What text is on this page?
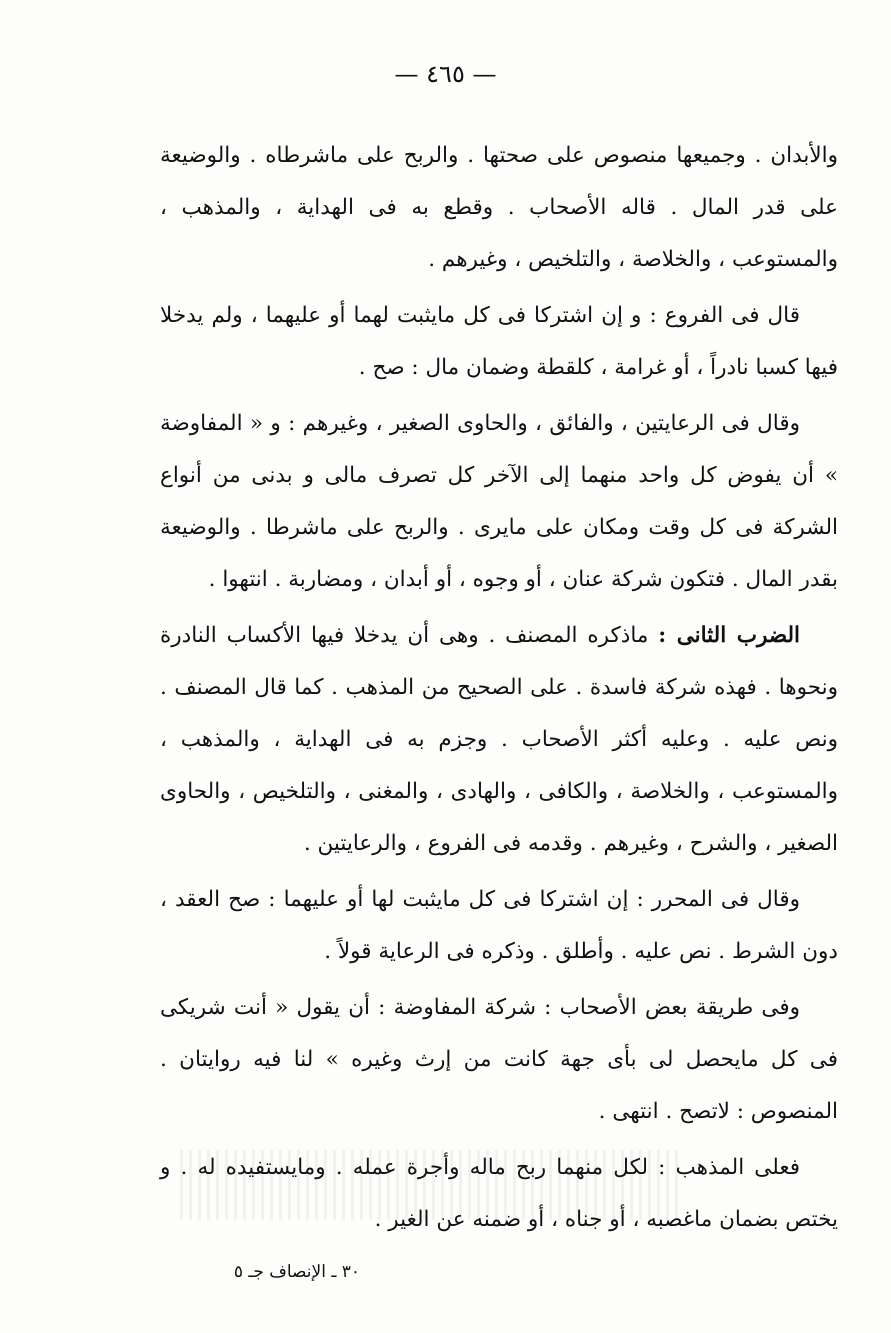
— ٤٦٥ —

والأبدان . وجميعها منصوص على صحتها . والربح على ماشرطاه . والوضيعة على قدر المال . قاله الأصحاب . وقطع به فى الهداية ، والمذهب ، والمستوعب ، والخلاصة ، والتلخيص ، وغيرهم .

قال فى الفروع : و إن اشتركا فى كل مايثبت لهما أو عليهما ، ولم يدخلا فيها كسبا نادراً ، أو غرامة ، كلقطة وضمان مال : صح .

وقال فى الرعايتين ، والفائق ، والحاوى الصغير ، وغيرهم : و « المفاوضة » أن يفوض كل واحد منهما إلى الآخر كل تصرف مالى و بدنى من أنواع الشركة فى كل وقت ومكان على مايرى . والربح على ماشرطا . والوضيعة بقدر المال . فتكون شركة عنان ، أو وجوه ، أو أبدان ، ومضاربة . انتهوا .

الضرب الثانى : ماذكره المصنف . وهى أن يدخلا فيها الأكساب النادرة ونحوها . فهذه شركة فاسدة . على الصحيح من المذهب . كما قال المصنف . ونص عليه . وعليه أكثر الأصحاب . وجزم به فى الهداية ، والمذهب ، والمستوعب ، والخلاصة ، والكافى ، والهادى ، والمغنى ، والتلخيص ، والحاوى الصغير ، والشرح ، وغيرهم . وقدمه فى الفروع ، والرعايتين .

وقال فى المحرر : إن اشتركا فى كل مايثبت لها أو عليهما : صح العقد ، دون الشرط . نص عليه . وأطلق . وذكره فى الرعاية قولاً .

وفى طريقة بعض الأصحاب : شركة المفاوضة : أن يقول « أنت شريكى فى كل مايحصل لى بأى جهة كانت من إرث وغيره » لنا فيه روايتان . المنصوص : لاتصح . انتهى .

فعلى المذهب : لكل منهما ربح ماله وأجرة عمله . ومايستفيده له . و يختص بضمان ماغصبه ، أو جناه ، أو ضمنه عن الغير .

٣٠ ـ الإنصاف جـ ٥
